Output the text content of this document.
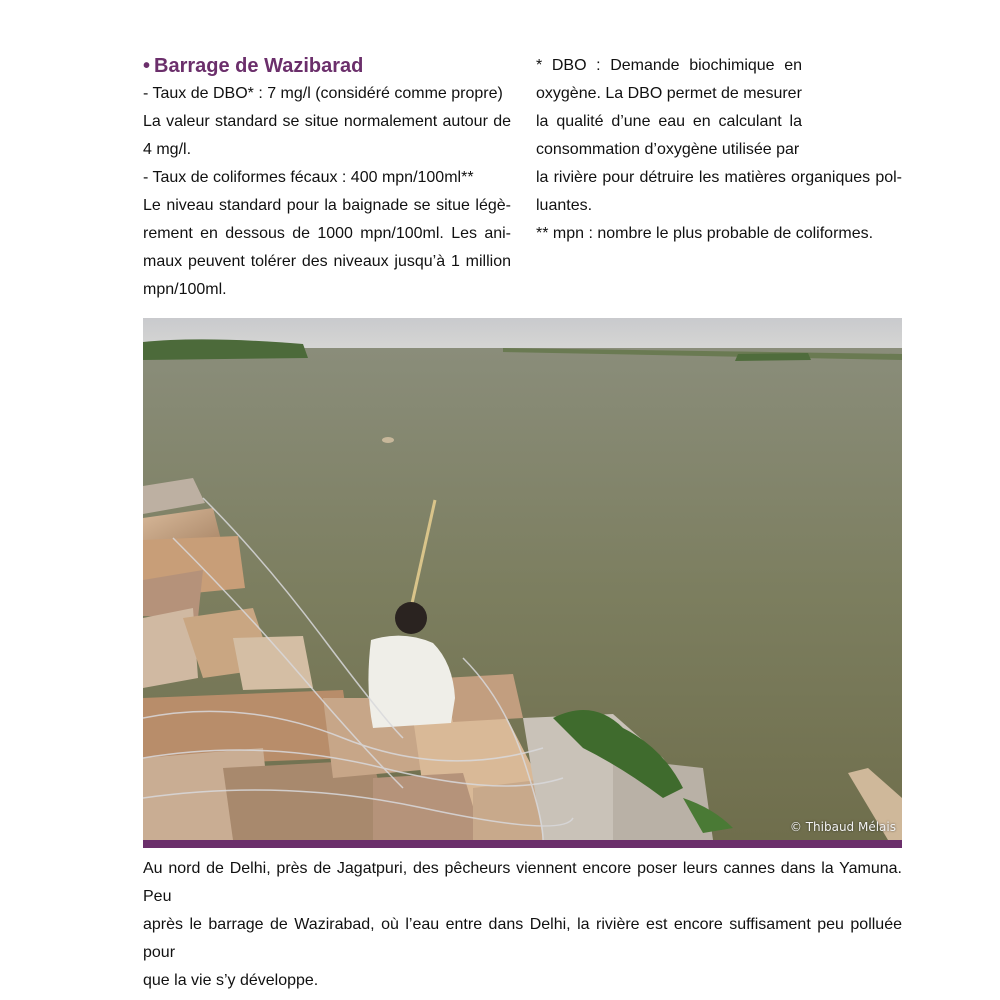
• Barrage de Wazibarad
- Taux de DBO* : 7 mg/l (considéré comme propre)
La valeur standard se situe normalement autour de
4 mg/l.
- Taux de coliformes fécaux : 400 mpn/100ml**
Le niveau standard pour la baignade se situe légè-
rement en dessous de 1000 mpn/100ml. Les ani-
maux peuvent tolérer des niveaux jusqu’à 1 million
mpn/100ml.
* DBO : Demande biochimique en
oxygène. La DBO permet de mesurer
la qualité d’une eau en calculant la
consommation d’oxygène utilisée par
la rivière pour détruire les matières organiques pol-
luantes.
** mpn : nombre le plus probable de coliformes.
© Thibaud Mélais
Au nord de Delhi, près de Jagatpuri, des pêcheurs viennent encore poser leurs cannes dans la Yamuna. Peu
après le barrage de Wazirabad, où l’eau entre dans Delhi, la rivière est encore suffisament peu polluée pour
que la vie s’y développe.
